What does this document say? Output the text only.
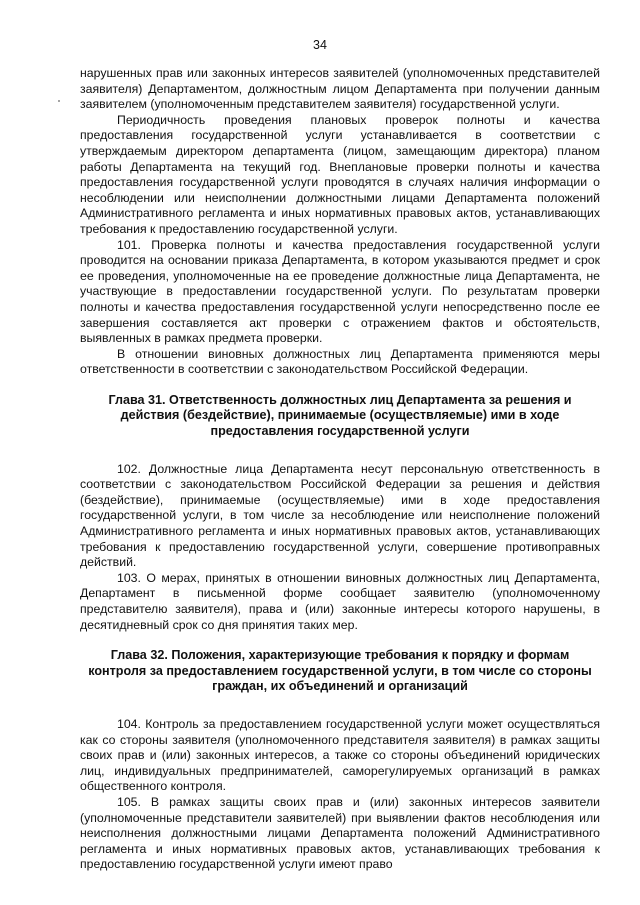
34

нарушенных прав или законных интересов заявителей (уполномоченных представителей заявителя) Департаментом, должностным лицом Департамента при получении данным заявителем (уполномоченным представителем заявителя) государственной услуги.

Периодичность проведения плановых проверок полноты и качества предоставления государственной услуги устанавливается в соответствии с утверждаемым директором департамента (лицом, замещающим директора) планом работы Департамента на текущий год. Внеплановые проверки полноты и качества предоставления государственной услуги проводятся в случаях наличия информации о несоблюдении или неисполнении должностными лицами Департамента положений Административного регламента и иных нормативных правовых актов, устанавливающих требования к предоставлению государственной услуги.

101. Проверка полноты и качества предоставления государственной услуги проводится на основании приказа Департамента, в котором указываются предмет и срок ее проведения, уполномоченные на ее проведение должностные лица Департамента, не участвующие в предоставлении государственной услуги. По результатам проверки полноты и качества предоставления государственной услуги непосредственно после ее завершения составляется акт проверки с отражением фактов и обстоятельств, выявленных в рамках предмета проверки.

В отношении виновных должностных лиц Департамента применяются меры ответственности в соответствии с законодательством Российской Федерации.

Глава 31. Ответственность должностных лиц Департамента за решения и действия (бездействие), принимаемые (осуществляемые) ими в ходе предоставления государственной услуги

102. Должностные лица Департамента несут персональную ответственность в соответствии с законодательством Российской Федерации за решения и действия (бездействие), принимаемые (осуществляемые) ими в ходе предоставления государственной услуги, в том числе за несоблюдение или неисполнение положений Административного регламента и иных нормативных правовых актов, устанавливающих требования к предоставлению государственной услуги, совершение противоправных действий.

103. О мерах, принятых в отношении виновных должностных лиц Департамента, Департамент в письменной форме сообщает заявителю (уполномоченному представителю заявителя), права и (или) законные интересы которого нарушены, в десятидневный срок со дня принятия таких мер.

Глава 32. Положения, характеризующие требования к порядку и формам контроля за предоставлением государственной услуги, в том числе со стороны граждан, их объединений и организаций

104. Контроль за предоставлением государственной услуги может осуществляться как со стороны заявителя (уполномоченного представителя заявителя) в рамках защиты своих прав и (или) законных интересов, а также со стороны объединений юридических лиц, индивидуальных предпринимателей, саморегулируемых организаций в рамках общественного контроля.

105. В рамках защиты своих прав и (или) законных интересов заявители (уполномоченные представители заявителей) при выявлении фактов несоблюдения или неисполнения должностными лицами Департамента положений Административного регламента и иных нормативных правовых актов, устанавливающих требования к предоставлению государственной услуги имеют право
